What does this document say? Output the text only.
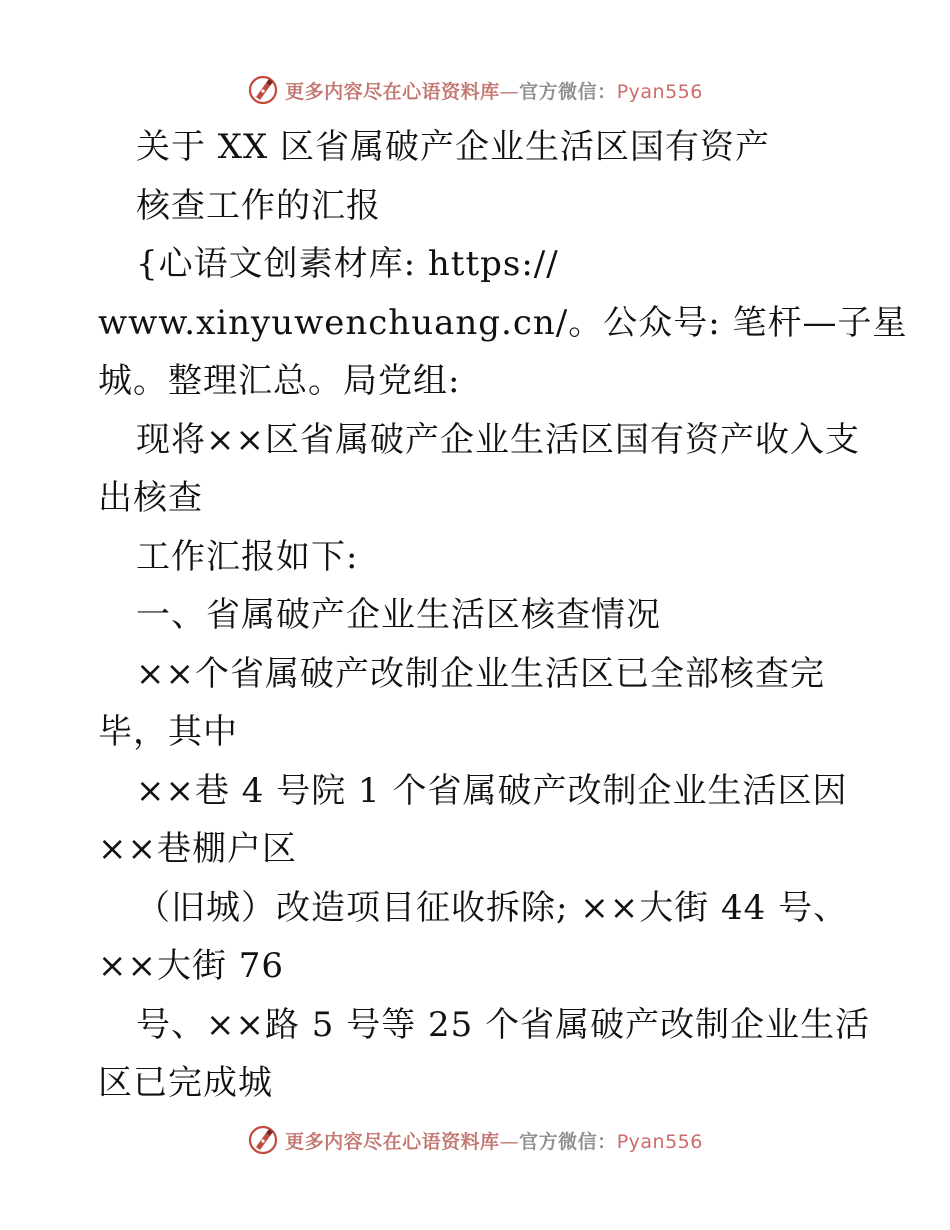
更多内容尽在心语资料库—官方微信：Pyan556
关于 XX 区省属破产企业生活区国有资产
核查工作的汇报
{心语文创素材库: https://
www.xinyuwenchuang.cn/。公众号: 笔杆—子星
城。整理汇总。局党组:
现将××区省属破产企业生活区国有资产收入支
出核查
工作汇报如下:
一、省属破产企业生活区核查情况
××个省属破产改制企业生活区已全部核查完
毕，其中
××巷 4 号院 1 个省属破产改制企业生活区因
××巷棚户区
（旧城）改造项目征收拆除; ××大街 44 号、
××大街 76
号、××路 5 号等 25 个省属破产改制企业生活
区已完成城
更多内容尽在心语资料库—官方微信：Pyan556
